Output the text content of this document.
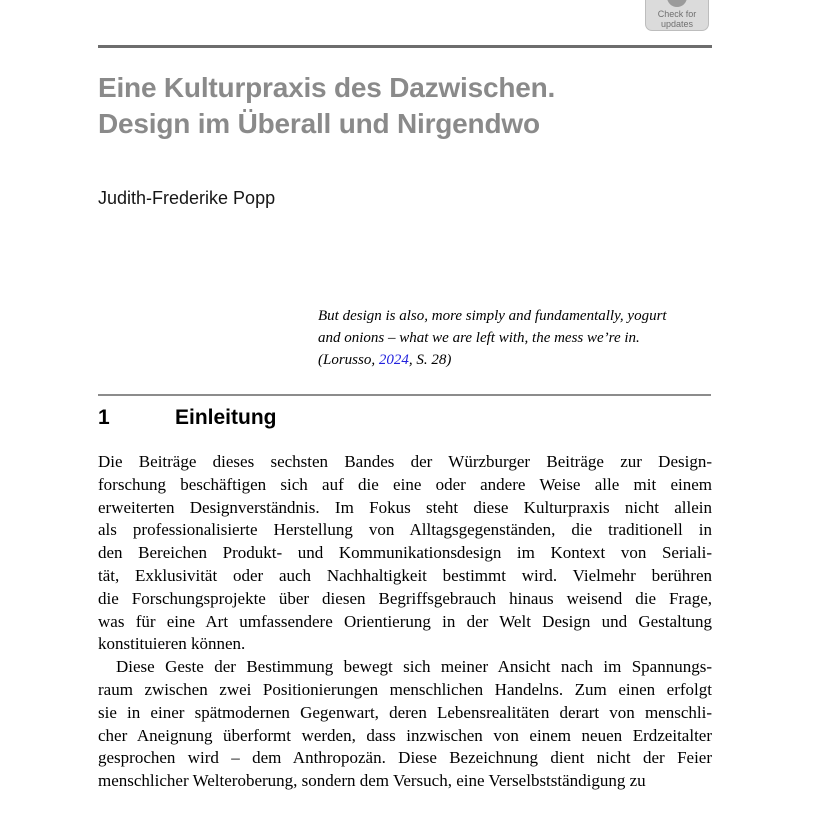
Check for
updates
Eine Kulturpraxis des Dazwischen.
Design im Überall und Nirgendwo
Judith-Frederike Popp
But design is also, more simply and fundamentally, yogurt
and onions – what we are left with, the mess we’re in.
(Lorusso, 2024, S. 28)
1	Einleitung
Die Beiträge dieses sechsten Bandes der Würzburger Beiträge zur Design-
forschung beschäftigen sich auf die eine oder andere Weise alle mit einem
erweiterten Designverständnis. Im Fokus steht diese Kulturpraxis nicht allein
als professionalisierte Herstellung von Alltagsgegenständen, die traditionell in
den Bereichen Produkt- und Kommunikationsdesign im Kontext von Seriali-
tät, Exklusivität oder auch Nachhaltigkeit bestimmt wird. Vielmehr berühren
die Forschungsprojekte über diesen Begriffsgebrauch hinaus weisend die Frage,
was für eine Art umfassendere Orientierung in der Welt Design und Gestaltung
konstituieren können.
Diese Geste der Bestimmung bewegt sich meiner Ansicht nach im Spannungs-
raum zwischen zwei Positionierungen menschlichen Handelns. Zum einen erfolgt
sie in einer spätmodernen Gegenwart, deren Lebensrealitäten derart von menschli-
cher Aneignung überformt werden, dass inzwischen von einem neuen Erdzeitalter
gesprochen wird – dem Anthropozän. Diese Bezeichnung dient nicht der Feier
menschlicher Welteroberung, sondern dem Versuch, eine Verselbstständigung zu
